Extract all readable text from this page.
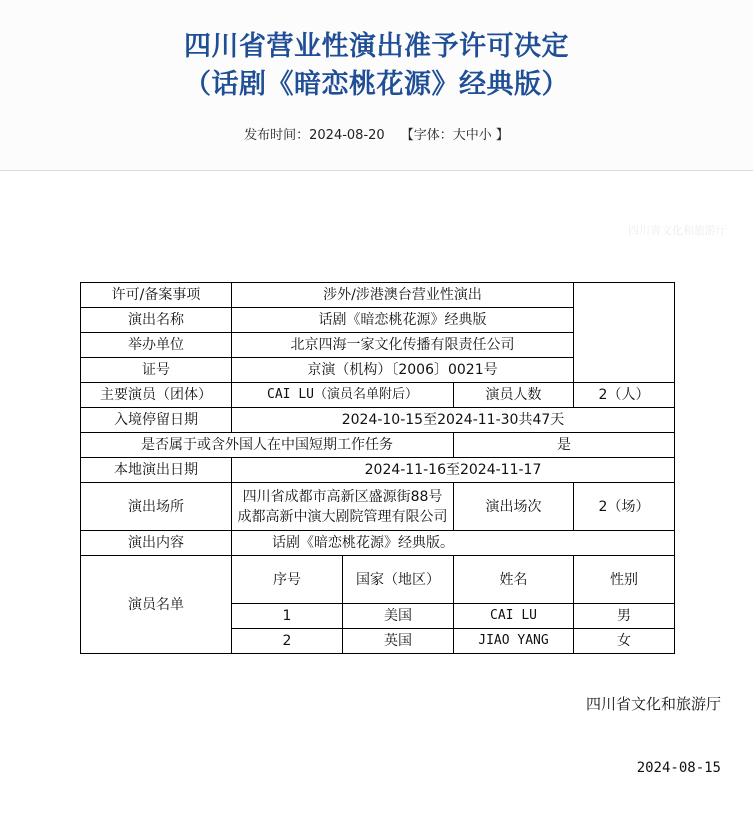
四川省营业性演出准予许可决定
（话剧《暗恋桃花源》经典版）
发布时间：2024-08-20 【字体：大中小 】
四川省文化和旅游厅
许可/备案事项	涉外/涉港澳台营业性演出			
演出名称	话剧《暗恋桃花源》经典版			
举办单位	北京四海一家文化传播有限责任公司			
证号	京演（机构）〔2006〕0021号			
主要演员（团体）	CAI LU（演员名单附后）		演员人数	2（人）
入境停留日期	2024-10-15至2024-11-30共47天			
是否属于或含外国人在中国短期工作任务			是	
本地演出日期	2024-11-16至2024-11-17			
演出场所	四川省成都市高新区盛源街88号
成都高新中演大剧院管理有限公司		演出场次	2（场）
演出内容	话剧《暗恋桃花源》经典版。			
演员名单	序号	国家（地区）	姓名	性别
	1	美国	CAI LU	男
	2	英国	JIAO YANG	女
四川省文化和旅游厅
2024-08-15
